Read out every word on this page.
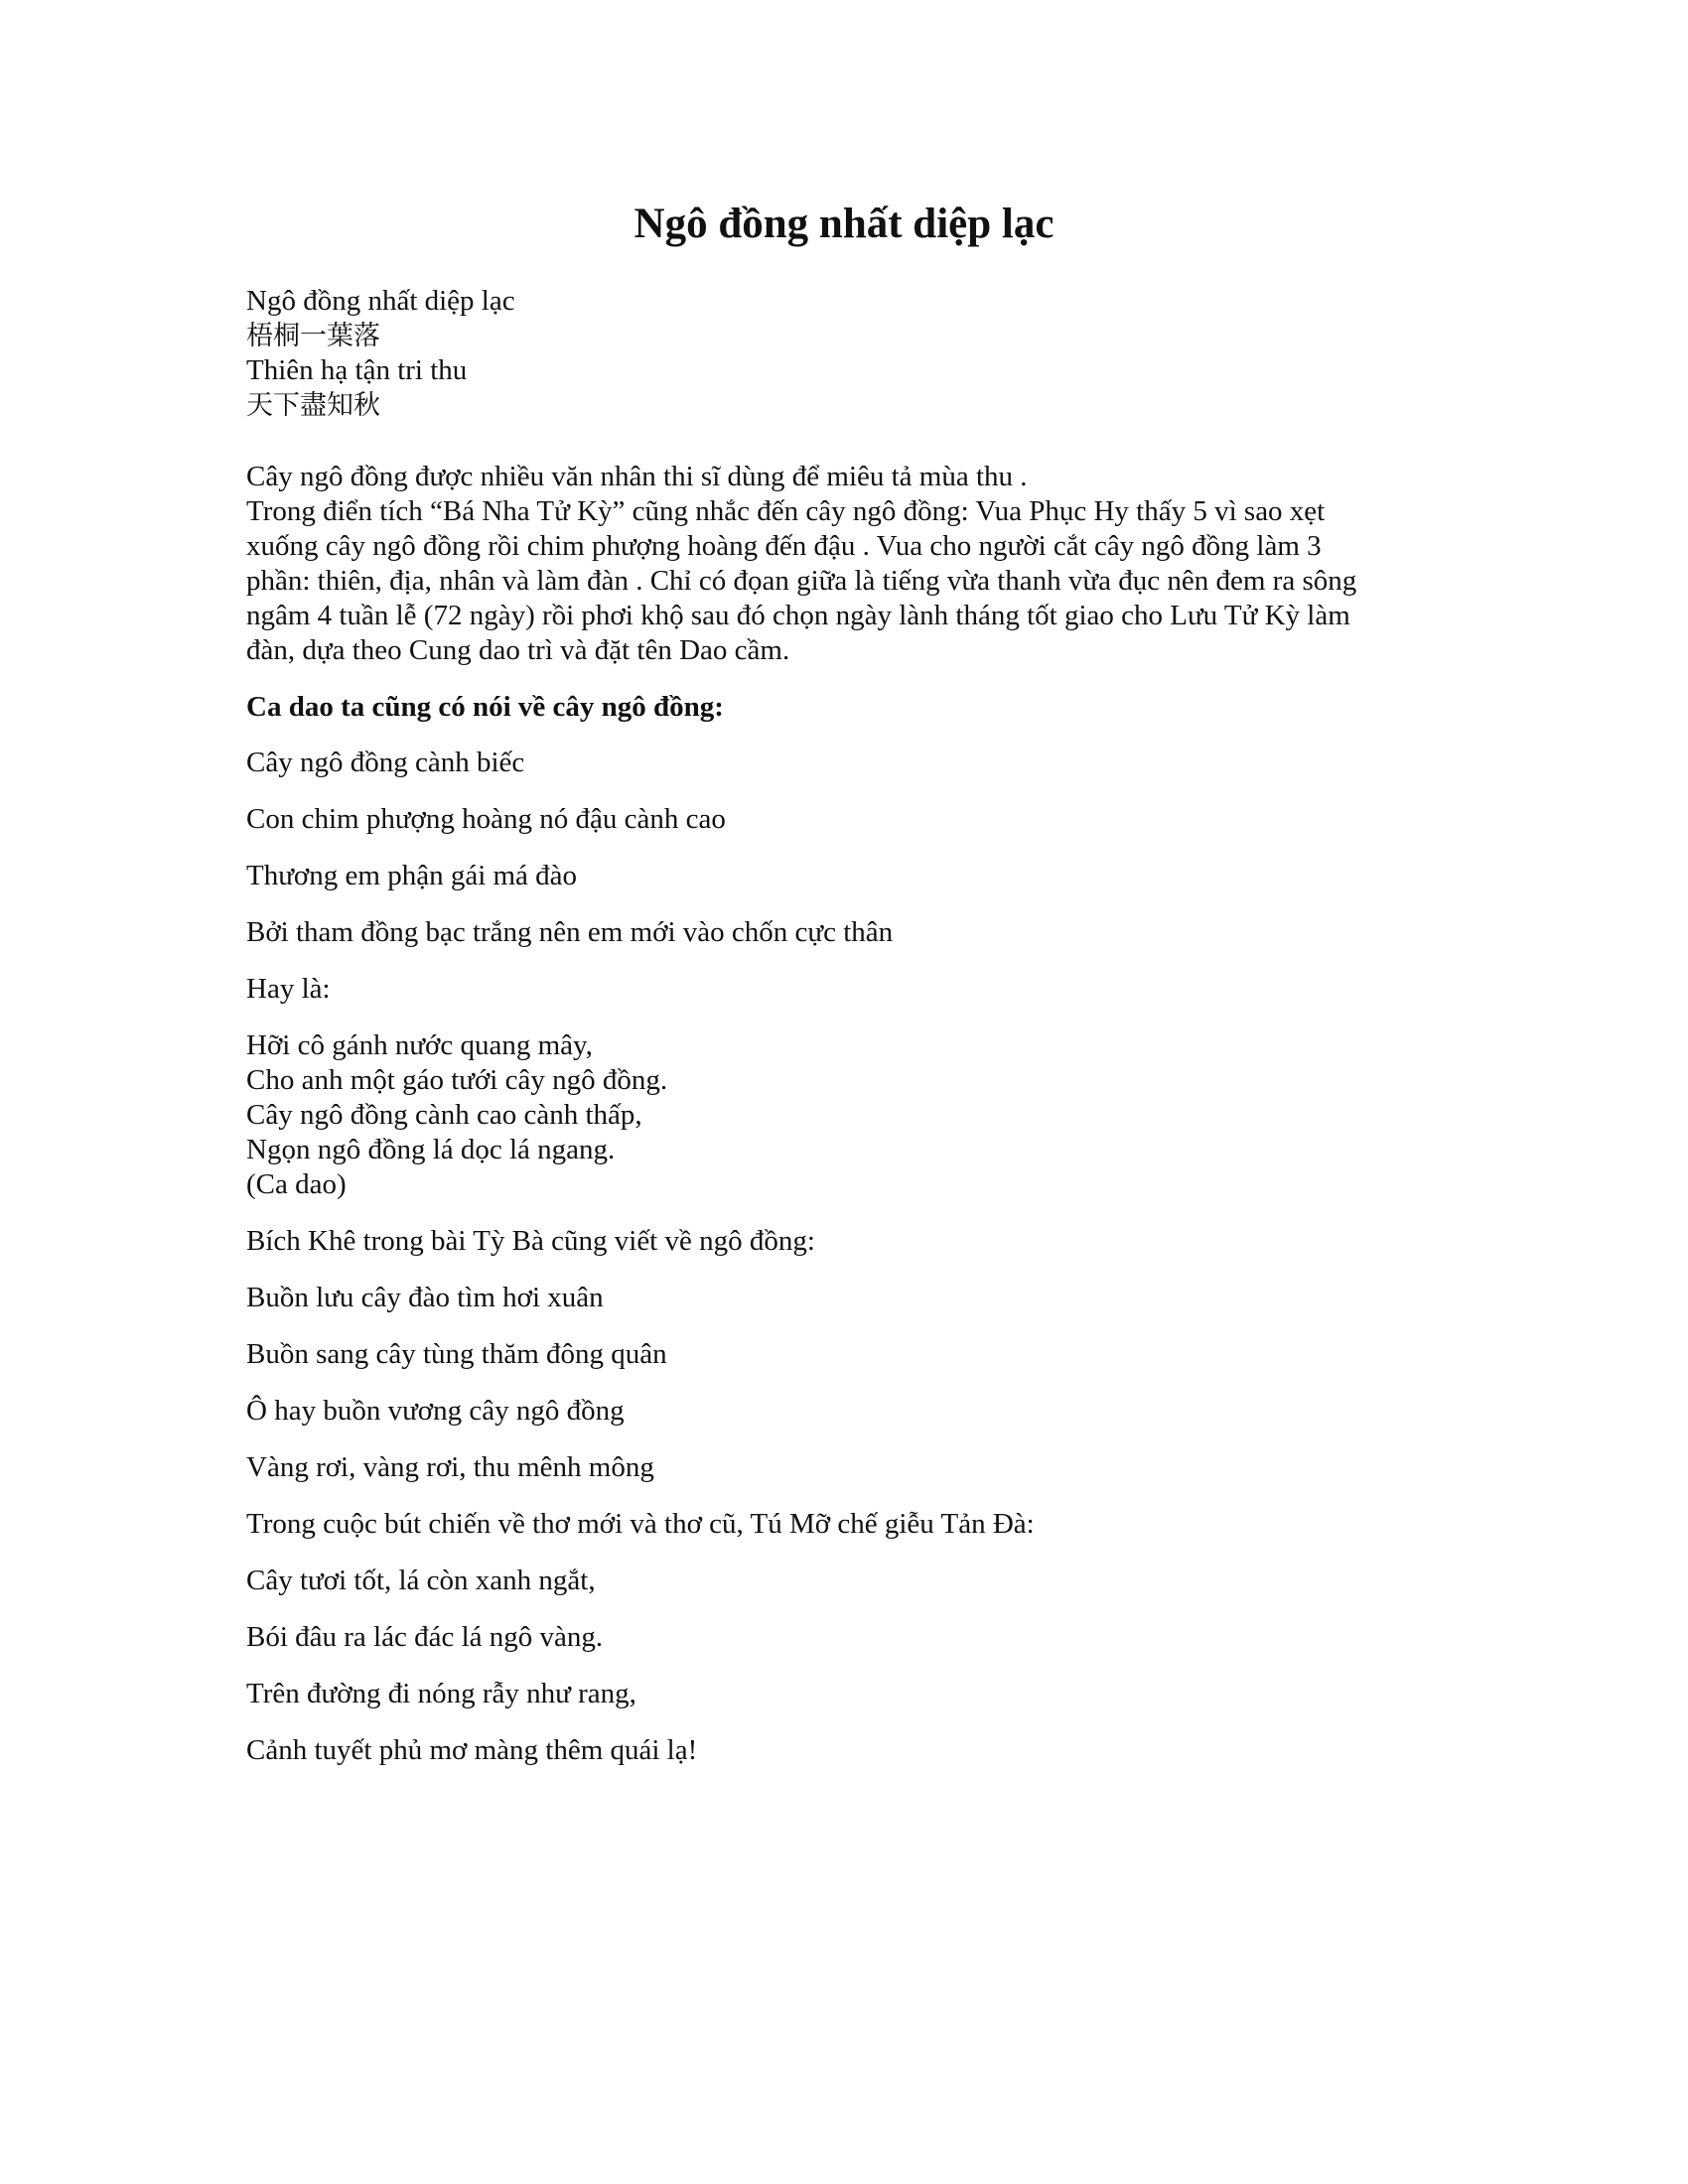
Ngô đồng nhất diệp lạc
Ngô đồng nhất diệp lạc
梧桐一葉落
Thiên hạ tận tri thu
天下盡知秋
Cây ngô đồng được nhiều văn nhân thi sĩ dùng để miêu tả mùa thu .
Trong điển tích “Bá Nha Tử Kỳ” cũng nhắc đến cây ngô đồng: Vua Phục Hy thấy 5 vì sao xẹt
xuống cây ngô đồng rồi chim phượng hoàng đến đậu . Vua cho người cắt cây ngô đồng làm 3
phần: thiên, địa, nhân và làm đàn . Chỉ có đọan giữa là tiếng vừa thanh vừa đục nên đem ra sông
ngâm 4 tuần lễ (72 ngày) rồi phơi khộ sau đó chọn ngày lành tháng tốt giao cho Lưu Tử Kỳ làm
đàn, dựa theo Cung dao trì và đặt tên Dao cầm.
Ca dao ta cũng có nói về cây ngô đồng:
Cây ngô đồng cành biếc
Con chim phượng hoàng nó đậu cành cao
Thương em phận gái má đào
Bởi tham đồng bạc trắng nên em mới vào chốn cực thân
Hay là:
Hỡi cô gánh nước quang mây,
Cho anh một gáo tưới cây ngô đồng.
Cây ngô đồng cành cao cành thấp,
Ngọn ngô đồng lá dọc lá ngang.
(Ca dao)
Bích Khê trong bài Tỳ Bà cũng viết về ngô đồng:
Buồn lưu cây đào tìm hơi xuân
Buồn sang cây tùng thăm đông quân
Ô hay buồn vương cây ngô đồng
Vàng rơi, vàng rơi, thu mênh mông
Trong cuộc bút chiến về thơ mới và thơ cũ, Tú Mỡ chế giễu Tản Đà:
Cây tươi tốt, lá còn xanh ngắt,
Bói đâu ra lác đác lá ngô vàng.
Trên đường đi nóng rẫy như rang,
Cảnh tuyết phủ mơ màng thêm quái lạ!
